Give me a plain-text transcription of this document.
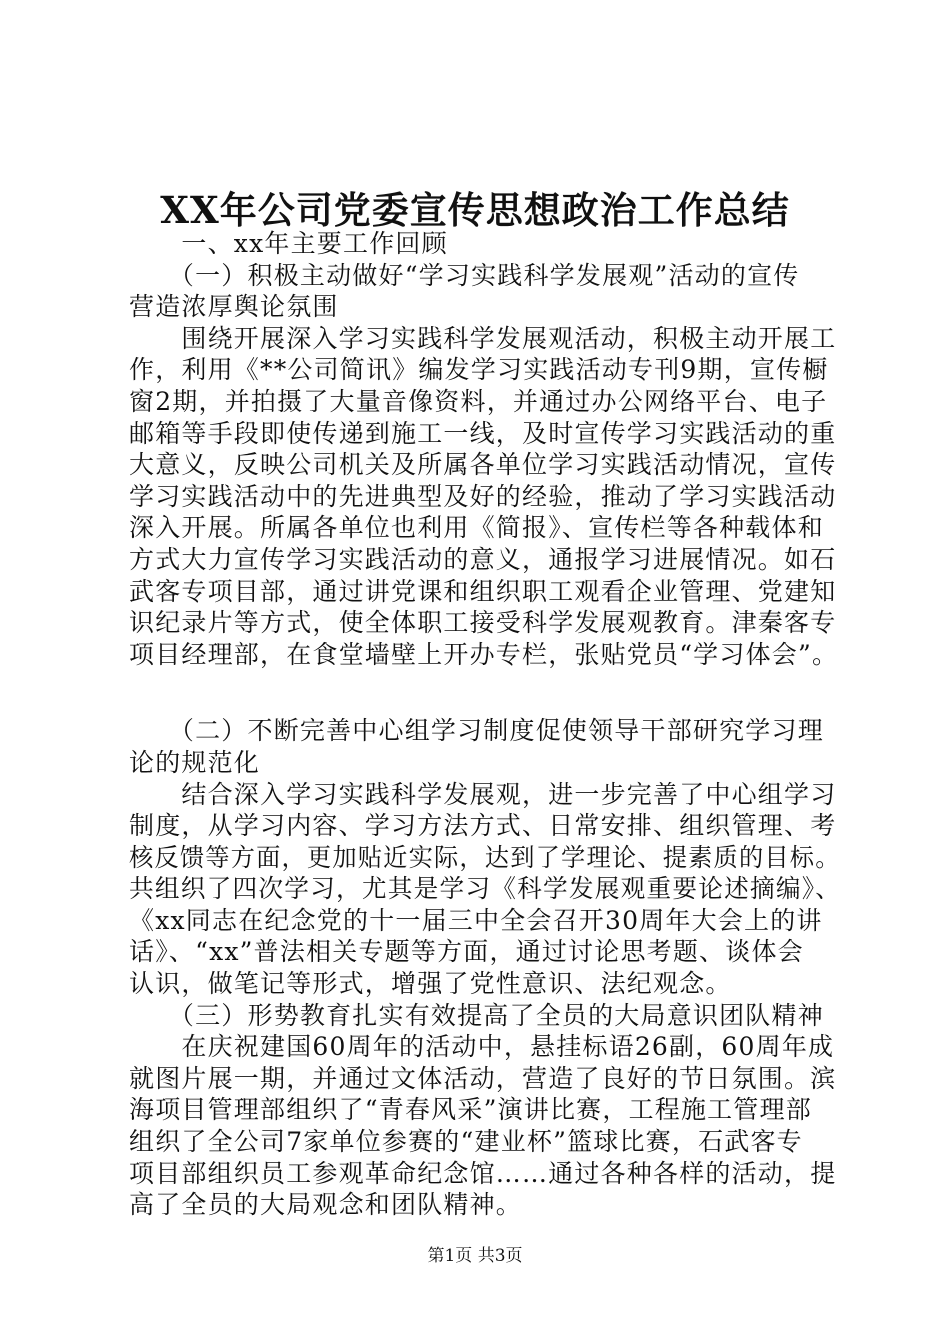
XX年公司党委宣传思想政治工作总结
　　一、xx年主要工作回顾
　　（一）积极主动做好“学习实践科学发展观”活动的宣传
营造浓厚舆论氛围
　　围绕开展深入学习实践科学发展观活动，积极主动开展工
作，利用《**公司简讯》编发学习实践活动专刊9期，宣传橱
窗2期，并拍摄了大量音像资料，并通过办公网络平台、电子
邮箱等手段即使传递到施工一线，及时宣传学习实践活动的重
大意义，反映公司机关及所属各单位学习实践活动情况，宣传
学习实践活动中的先进典型及好的经验，推动了学习实践活动
深入开展。所属各单位也利用《简报》、宣传栏等各种载体和
方式大力宣传学习实践活动的意义，通报学习进展情况。如石
武客专项目部，通过讲党课和组织职工观看企业管理、党建知
识纪录片等方式，使全体职工接受科学发展观教育。津秦客专
项目经理部，在食堂墙壁上开办专栏，张贴党员“学习体会”。
　　（二）不断完善中心组学习制度促使领导干部研究学习理
论的规范化
　　结合深入学习实践科学发展观，进一步完善了中心组学习
制度，从学习内容、学习方法方式、日常安排、组织管理、考
核反馈等方面，更加贴近实际，达到了学理论、提素质的目标。
共组织了四次学习，尤其是学习《科学发展观重要论述摘编》、
《xx同志在纪念党的十一届三中全会召开30周年大会上的讲
话》、“xx”普法相关专题等方面，通过讨论思考题、谈体会
认识，做笔记等形式，增强了党性意识、法纪观念。
　　（三）形势教育扎实有效提高了全员的大局意识团队精神
　　在庆祝建国60周年的活动中，悬挂标语26副，60周年成
就图片展一期，并通过文体活动，营造了良好的节日氛围。滨
海项目管理部组织了“青春风采”演讲比赛，工程施工管理部
组织了全公司7家单位参赛的“建业杯”篮球比赛，石武客专
项目部组织员工参观革命纪念馆……通过各种各样的活动，提
高了全员的大局观念和团队精神。
第1页 共3页
